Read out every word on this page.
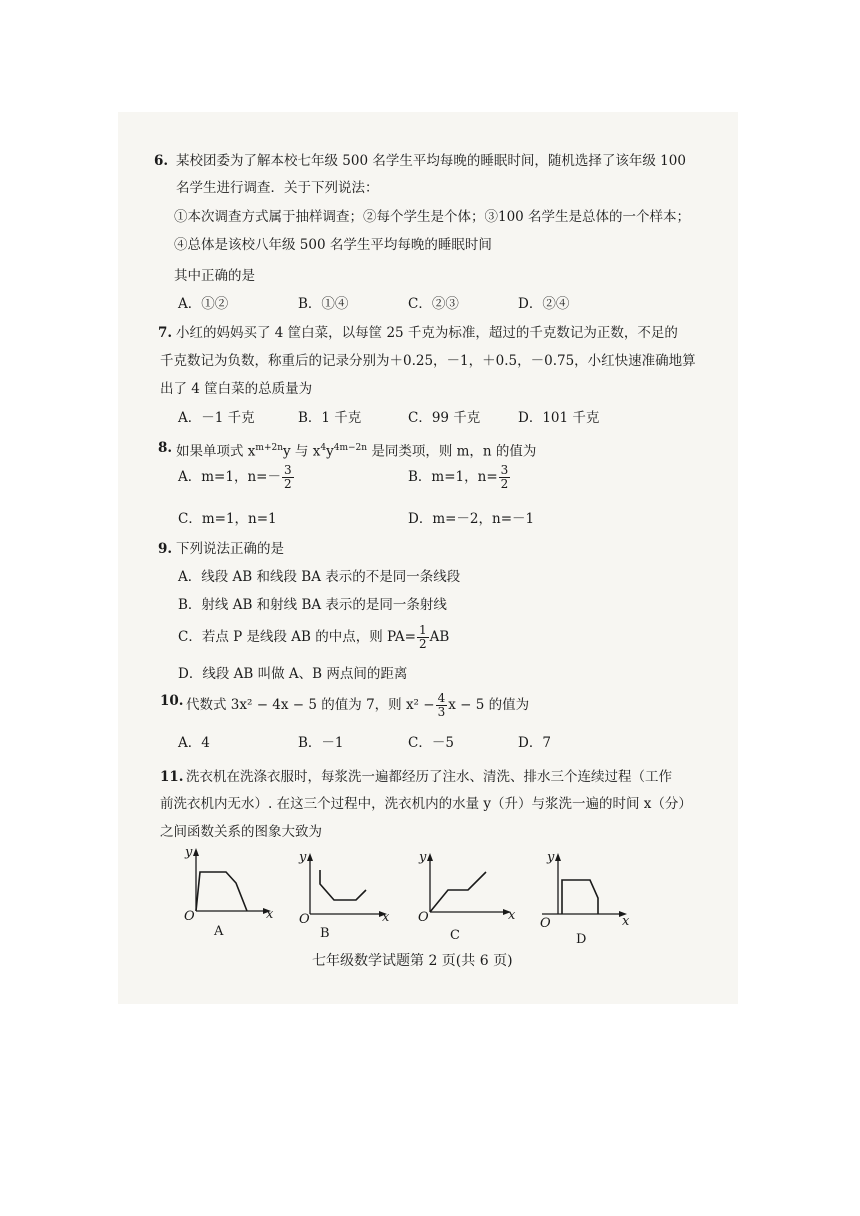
6. 某校团委为了解本校七年级 500 名学生平均每晚的睡眠时间，随机选择了该年级 100
名学生进行调查．关于下列说法：
①本次调查方式属于抽样调查；②每个学生是个体；③100 名学生是总体的一个样本；
④总体是该校八年级 500 名学生平均每晚的睡眠时间
其中正确的是
A．①②	B．①④	C．②③	D．②④
7. 小红的妈妈买了 4 筐白菜，以每筐 25 千克为标准，超过的千克数记为正数，不足的
千克数记为负数，称重后的记录分别为＋0.25，－1，＋0.5，－0.75，小红快速准确地算
出了 4 筐白菜的总质量为
A．－1 千克	B．1 千克	C．99 千克	D．101 千克
8. 如果单项式 $x^{m+2n}y$ 与 $x^4y^{4m-2n}$ 是同类项，则 m，n 的值为
A．m=1，$n=- \frac{3}{2}$	B．m=1，$n= \frac{3}{2}$
C．m=1，n=1	D．m=－2，n=－1
9. 下列说法正确的是
A．线段 AB 和线段 BA 表示的不是同一条线段
B．射线 AB 和射线 BA 表示的是同一条射线
C．若点 P 是线段 AB 的中点，则 $PA= \frac{1}{2}$ AB
D．线段 AB 叫做 A、B 两点间的距离
10. 代数式 3x² − 4x − 5 的值为 7，则 $x^2 - \frac{4}{3}$ x − 5 的值为
A．4	B．－1	C．－5	D．7
11. 洗衣机在洗涤衣服时，每浆洗一遍都经历了注水、清洗、排水三个连续过程（工作
前洗衣机内无水）. 在这三个过程中，洗衣机内的水量 y（升）与浆洗一遍的时间 x（分）
之间函数关系的图象大致为
y
O	x
A
y
O	x
B
y
O	x
C
y
O	x
D
七年级数学试题第 2 页(共 6 页)
